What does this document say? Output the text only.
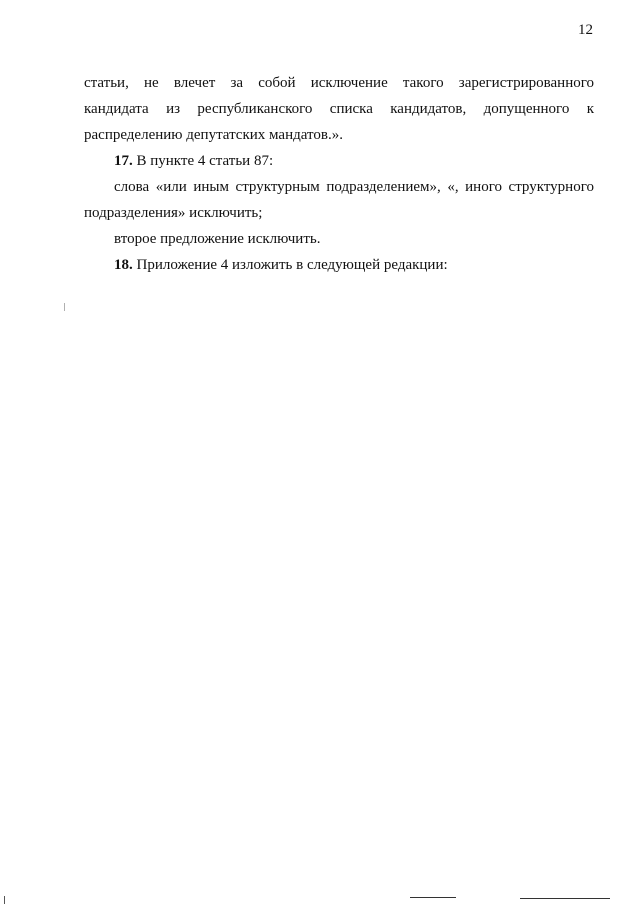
12

статьи, не влечет за собой исключение такого зарегистрированного

кандидата из республиканского списка кандидатов, допущенного к

распределению депутатских мандатов.».

17. В пункте 4 статьи 87:

слова «или иным структурным подразделением», «, иного структурного

подразделения» исключить;

второе предложение исключить.

18. Приложение 4 изложить в следующей редакции:
